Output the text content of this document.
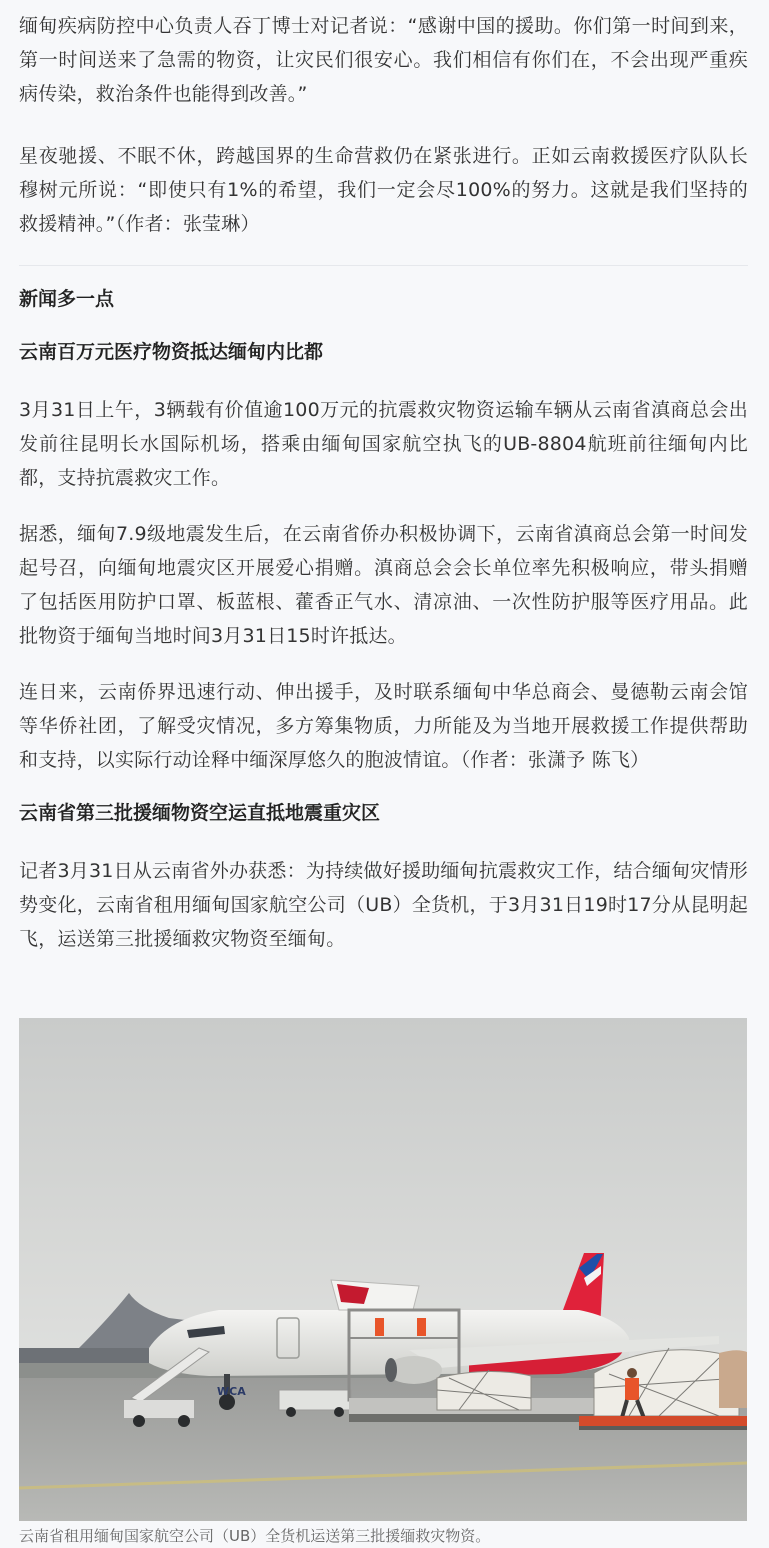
缅甸疾病防控中心负责人吞丁博士对记者说：“感谢中国的援助。你们第一时间到来，第一时间送来了急需的物资，让灾民们很安心。我们相信有你们在，不会出现严重疾病传染，救治条件也能得到改善。”

星夜驰援、不眠不休，跨越国界的生命营救仍在紧张进行。正如云南救援医疗队队长穆树元所说：“即使只有1%的希望，我们一定会尽100%的努力。这就是我们坚持的救援精神。”（作者：张莹琳）

新闻多一点
云南百万元医疗物资抵达缅甸内比都

3月31日上午，3辆载有价值逾100万元的抗震救灾物资运输车辆从云南省滇商总会出发前往昆明长水国际机场，搭乘由缅甸国家航空执飞的UB-8804航班前往缅甸内比都，支持抗震救灾工作。

据悉，缅甸7.9级地震发生后，在云南省侨办积极协调下，云南省滇商总会第一时间发起号召，向缅甸地震灾区开展爱心捐赠。滇商总会会长单位率先积极响应，带头捐赠了包括医用防护口罩、板蓝根、藿香正气水、清凉油、一次性防护服等医疗用品。此批物资于缅甸当地时间3月31日15时许抵达。

连日来，云南侨界迅速行动、伸出援手，及时联系缅甸中华总商会、曼德勒云南会馆等华侨社团，了解受灾情况，多方筹集物质，力所能及为当地开展救援工作提供帮助和支持，以实际行动诠释中缅深厚悠久的胞波情谊。（作者：张潇予 陈飞）

云南省第三批援缅物资空运直抵地震重灾区

记者3月31日从云南省外办获悉：为持续做好援助缅甸抗震救灾工作，结合缅甸灾情形势变化，云南省租用缅甸国家航空公司（UB）全货机，于3月31日19时17分从昆明起飞，运送第三批援缅救灾物资至缅甸。

WCA
云南省租用缅甸国家航空公司（UB）全货机运送第三批援缅救灾物资。
